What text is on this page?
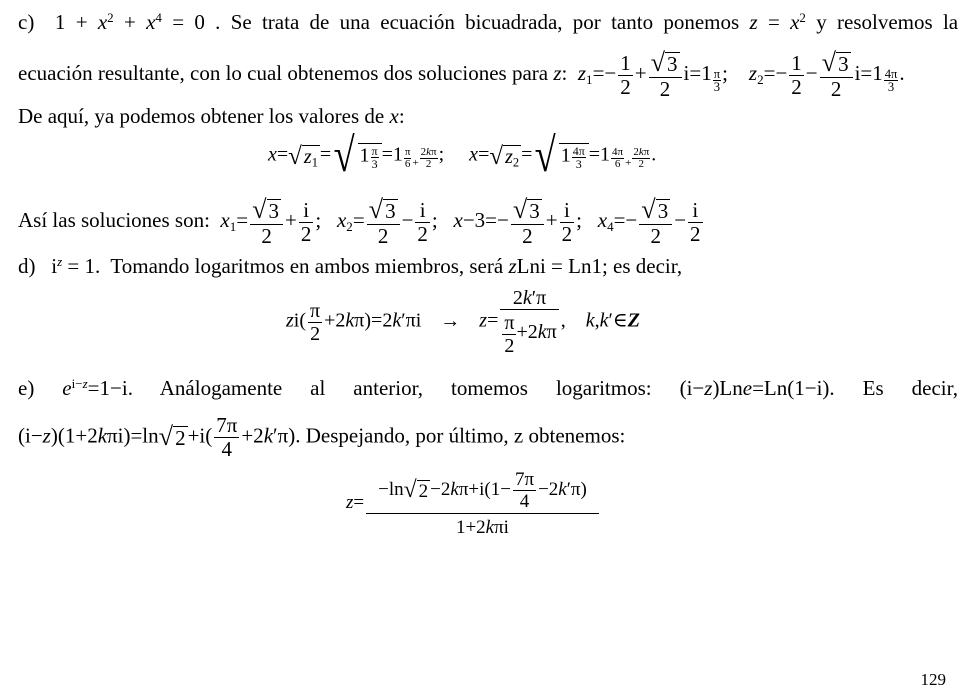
c) $1 + x^2 + x^4 = 0$ . Se trata de una ecuación bicuadrada, por tanto ponemos $z = x^2$ y resolvemos la
ecuación resultante, con lo cual obtenemos dos soluciones para z:  $z_1=- \frac{1}{2} + \frac{√3}{2} i=1 \frac{\pi}{3}$ ; $z_2=- \frac{1}{2} - \frac{√3}{2} i=1 \frac{4\pi}{3}$ .
De aquí, ya podemos obtener los valores de x:
x=√ $z_1$ =√ $1 \frac{\pi}{3} =1 \frac{\pi}{6} _+ \frac{2k\pi}{2}$ ;     x=√ $z_2$ =√ $1 \frac{4\pi}{3} =1 \frac{4\pi}{6} _+ \frac{2k\pi}{2}$ .
Así las soluciones son: $x_1= \frac{√3}{2} + \frac{i}{2}$ ; $x_2= \frac{√3}{2} - \frac{i}{2}$ ; $x-3=- \frac{√3}{2} + \frac{i}{2}$ ; $x_4=- \frac{√3}{2} - \frac{i}{2}$
d)   $i^z = 1$.  Tomando logaritmos en ambos miembros, será zLni = Ln1; es decir,
$zi( \frac{\pi}{2} +2k\pi)=2k'\pi i \to z= \frac{2k'\pi}{\frac{\pi}{2} +2k\pi}$ ,    k,k′∈Z
e) $e^{i-z}=1-i$. Análogamente al anterior, tomemos logaritmos: (i−z)Lne=Ln(1−i). Es decir,
$(i-z)(1+2k\pi i)=\ln√2+i( \frac{7\pi}{4} +2k'\pi)$. Despejando, por último, z obtenemos:
$z= \frac{-\ln√ 2 -2k\pi+i(1- \frac{7\pi}{4} -2k'\pi)}{\text{1+2kπi}}$
129
